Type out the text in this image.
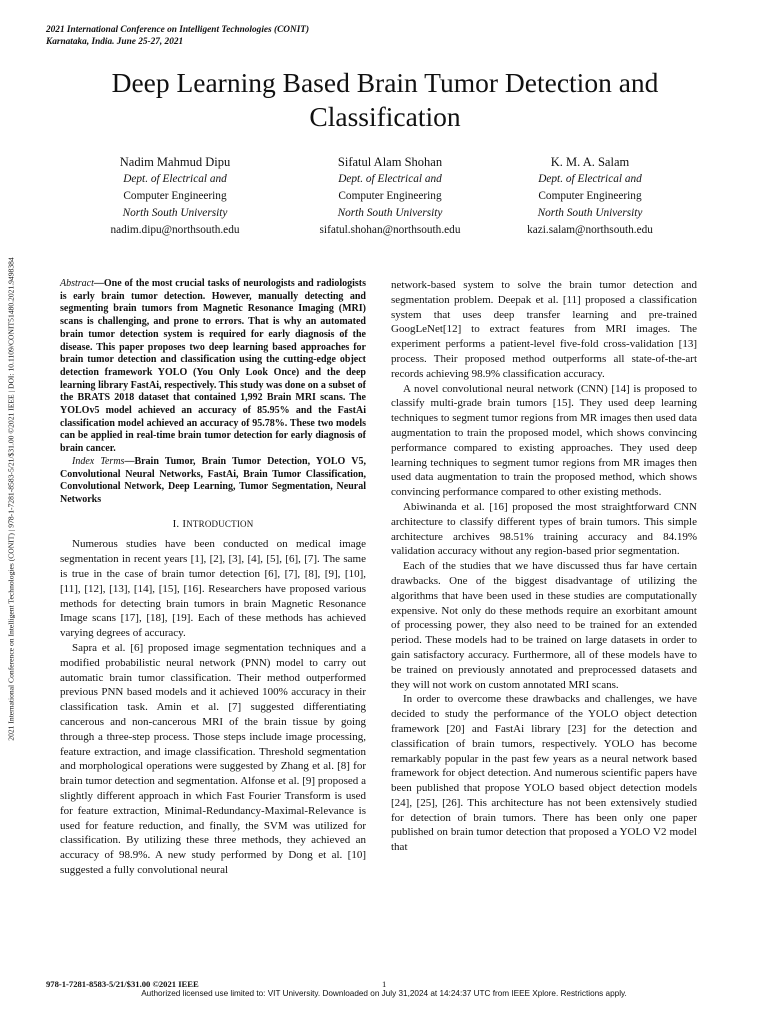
2021 International Conference on Intelligent Technologies (CONIT)
Karnataka, India. June 25-27, 2021
Deep Learning Based Brain Tumor Detection and Classification
Nadim Mahmud Dipu
Dept. of Electrical and
Computer Engineering
North South University
nadim.dipu@northsouth.edu
Sifatul Alam Shohan
Dept. of Electrical and
Computer Engineering
North South University
sifatul.shohan@northsouth.edu
K. M. A. Salam
Dept. of Electrical and
Computer Engineering
North South University
kazi.salam@northsouth.edu
2021 International Conference on Intelligent Technologies (CONIT) | 978-1-7281-8583-5/21/$31.00 ©2021 IEEE | DOI: 10.1109/CONIT51480.2021.9498384	Abstract—One of the most crucial tasks of neurologists and radiologists is early brain tumor detection. However, manually detecting and segmenting brain tumors from Magnetic Resonance Imaging (MRI) scans is challenging, and prone to errors. That is why an automated brain tumor detection system is required for early diagnosis of the disease. This paper proposes two deep learning based approaches for brain tumor detection and classification using the cutting-edge object detection framework YOLO (You Only Look Once) and the deep learning library FastAi, respectively. This study was done on a subset of the BRATS 2018 dataset that contained 1,992 Brain MRI scans. The YOLOv5 model achieved an accuracy of 85.95% and the FastAi classification model achieved an accuracy of 95.78%. These two models can be applied in real-time brain tumor detection for early diagnosis of brain cancer.

Index Terms—Brain Tumor, Brain Tumor Detection, YOLO V5, Convolutional Neural Networks, FastAi, Brain Tumor Classification, Convolutional Network, Deep Learning, Tumor Segmentation, Neural Networks

I. INTRODUCTION

Numerous studies have been conducted on medical image segmentation in recent years [1], [2], [3], [4], [5], [6], [7]. The same is true in the case of brain tumor detection [6], [7], [8], [9], [10], [11], [12], [13], [14], [15], [16]. Researchers have proposed various methods for detecting brain tumors in brain Magnetic Resonance Image scans [17], [18], [19]. Each of these methods has achieved varying degrees of accuracy.

Sapra et al. [6] proposed image segmentation techniques and a modified probabilistic neural network (PNN) model to carry out automatic brain tumor classification. Their method outperformed previous PNN based models and it achieved 100% accuracy in their classification task. Amin et al. [7] suggested differentiating cancerous and non-cancerous MRI of the brain tissue by going through a three-step process. Those steps include image processing, feature extraction, and image classification. Threshold segmentation and morphological operations were suggested by Zhang et al. [8] for brain tumor detection and segmentation. Alfonse et al. [9] proposed a slightly different approach in which Fast Fourier Transform is used for feature extraction, Minimal-Redundancy-Maximal-Relevance is used for feature reduction, and finally, the SVM was utilized for classification. By utilizing these three methods, they achieved an accuracy of 98.9%. A new study performed by Dong et al. [10] suggested a fully convolutional neural

network-based system to solve the brain tumor detection and segmentation problem. Deepak et al. [11] proposed a classification system that uses deep transfer learning and pre-trained GoogLeNet[12] to extract features from MRI images. The experiment performs a patient-level five-fold cross-validation [13] process. Their proposed method outperforms all state-of-the-art records achieving 98.9% classification accuracy.

A novel convolutional neural network (CNN) [14] is proposed to classify multi-grade brain tumors [15]. They used deep learning techniques to segment tumor regions from MR images then used data augmentation to train the proposed model, which shows convincing performance compared to existing approaches. They used deep learning techniques to segment tumor regions from MR images then used data augmentation to train the proposed method, which shows convincing performance compared to other existing methods.

Abiwinanda et al. [16] proposed the most straightforward CNN architecture to classify different types of brain tumors. This simple architecture archives 98.51% training accuracy and 84.19% validation accuracy without any region-based prior segmentation.

Each of the studies that we have discussed thus far have certain drawbacks. One of the biggest disadvantage of utilizing the algorithms that have been used in these studies are computationally expensive. Not only do these methods require an exorbitant amount of processing power, they also need to be trained for an extended period. These models had to be trained on large datasets in order to gain satisfactory accuracy. Furthermore, all of these models have to be trained on previously annotated and preprocessed datasets and they will not work on custom annotated MRI scans.

In order to overcome these drawbacks and challenges, we have decided to study the performance of the YOLO object detection framework [20] and FastAi library [23] for the detection and classification of brain tumors, respectively. YOLO has become remarkably popular in the past few years as a neural network based framework for object detection. And numerous scientific papers have been published that propose YOLO based object detection models [24], [25], [26]. This architecture has not been extensively studied for detection of brain tumors. There has been only one paper published on brain tumor detection that proposed a YOLO V2 model that

978-1-7281-8583-5/21/$31.00 ©2021 IEEE	1
Authorized licensed use limited to: VIT University. Downloaded on July 31,2024 at 14:24:37 UTC from IEEE Xplore. Restrictions apply.
